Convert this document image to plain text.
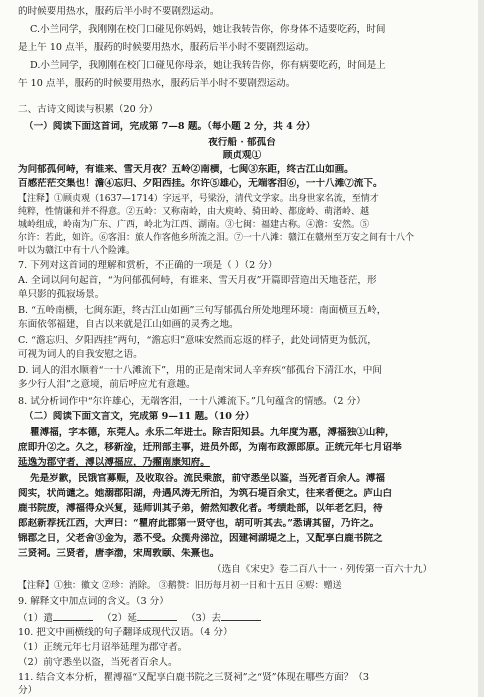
的时候要用热水，服药后半小时不要剧烈运动。
C.小兰同学，我刚刚在校门口碰见你妈妈，她让我转告你，你身体不适要吃药，时间
是上午 10 点半，服药的时候要用热水，服药后半小时不要剧烈运动。
D.小兰同学，我刚刚在校门口碰见你母亲，她让我转告你，你有病要吃药，时间是上
午 10 点半，服药的时候要用热水，服药后半小时不要剧烈运动。
二、古诗文阅读与积累（20 分）
（一）阅读下面这首词，完成第 7—8 题。（每小题 2 分，共 4 分）
夜行船 · 郁孤台
顾贞观①
为问郁孤何峙，有谁来、雪天月夜？五岭②南横，七闽③东距，终古江山如画。
百感茫茫交集也！澹④忘归、夕阳西挂。尔许⑤雄心，无端客泪⑥，一十八滩⑦流下。
【注释】①顾贞观（1637—1714）字远平，号梁汾，清代文学家。出身世家名流，至情才
纯粹，性情谦和并不得意。②五岭：又称南岭，由大庾岭、骑田岭、都庞岭、萌渚岭、越
城岭组成，岭南为广东、广西，岭北为江西、湖南。③七闽：福建古称。④澹：安然。⑤
尔许：若此，如许。⑥客泪：旅人作客他乡所流之泪。⑦一十八滩：赣江在赣州至万安之间有十八个
叶以为赣江中有十八个险滩。
7. 下列对这首词的理解和赏析，不正确的一项是（ ）（2 分）
A. 全词以问句起首，“为问郁孤何峙，有谁来、雪天月夜”开篇即营造出天地苍茫，形
单只影的孤寂场景。
B. “五岭南横，七闽东距，终古江山如画”三句写郁孤台所处地理环境：南面横亘五岭，
东面依邻福建，自古以来就是江山如画的灵秀之地。
C. “澹忘归、夕阳西挂”两句，“澹忘归”意味安然而忘返的样子，此处词情更为低沉，
可视为词人的自我安慰之语。
D. 词人的泪水顺着“一十八滩流下”，用的正是南宋词人辛弃疾“郁孤台下清江水，中间
多少行人泪”之意境，前后呼应尤有意趣。
8. 试分析词作中“尔许雄心，无端客泪，一十八滩流下。”几句蕴含的情感。（2 分）
（二）阅读下面文言文，完成第 9—11 题。（10 分）
瞿溥福，字本德，东莞人。永乐二年进士。除吉阳知县。九年度为惠，溥福独①山种，
庶即升②之。久之，移新淦，迁刑部主事，进员外郎，为南布政源郎原。正统元年七月诏举
延逸为郡守者，溥以溥福应，乃擢南康知府。
先是岁歉，民饿官募赈，及收取谷。流民乘旅，前守悉坐以鉴，当死者百余人。溥福
阅实，状尚谴之。她溺郡阳湖，舟遇风涛无所泊，为筑石堤百余丈，往来者便之。庐山白
鹿书院废，溥福得众兴复，延师训其子弟，俯然知教化者。考绩赴部，以年老乞归，待
郎赵新荐抚江西，大声曰：“瞿府此郡第一贤守也，胡可听其去。”悉请其留，乃许之。
锦郡之日，父老舍③金为，悉不受。众揽舟涕泣，因建祠湖堤之上，又配享白鹿书院之
三贤祠。三贤者，唐李渤，宋周敦颐、朱熹也。
（选自《宋史》卷二百八十一 · 列传第一百六十九）
【注释】①独：徽文 ②珍：消除。 ③鹅赞：旧历每月初一日和十五日 ④赆：赠送
9. 解释文中加点词的含义。（3 分）
（1）遣	（2）延	（3）去
10. 把文中画横线的句子翻译成现代汉语。（4 分）
（1）正统元年七月诏举延理为郡守者。
（2）前守悉坐以盗，当死者百余人。
11. 结合文本分析，瞿溥福“又配享白鹿书院之三贤祠”之“贤”体现在哪些方面？（3
分）
